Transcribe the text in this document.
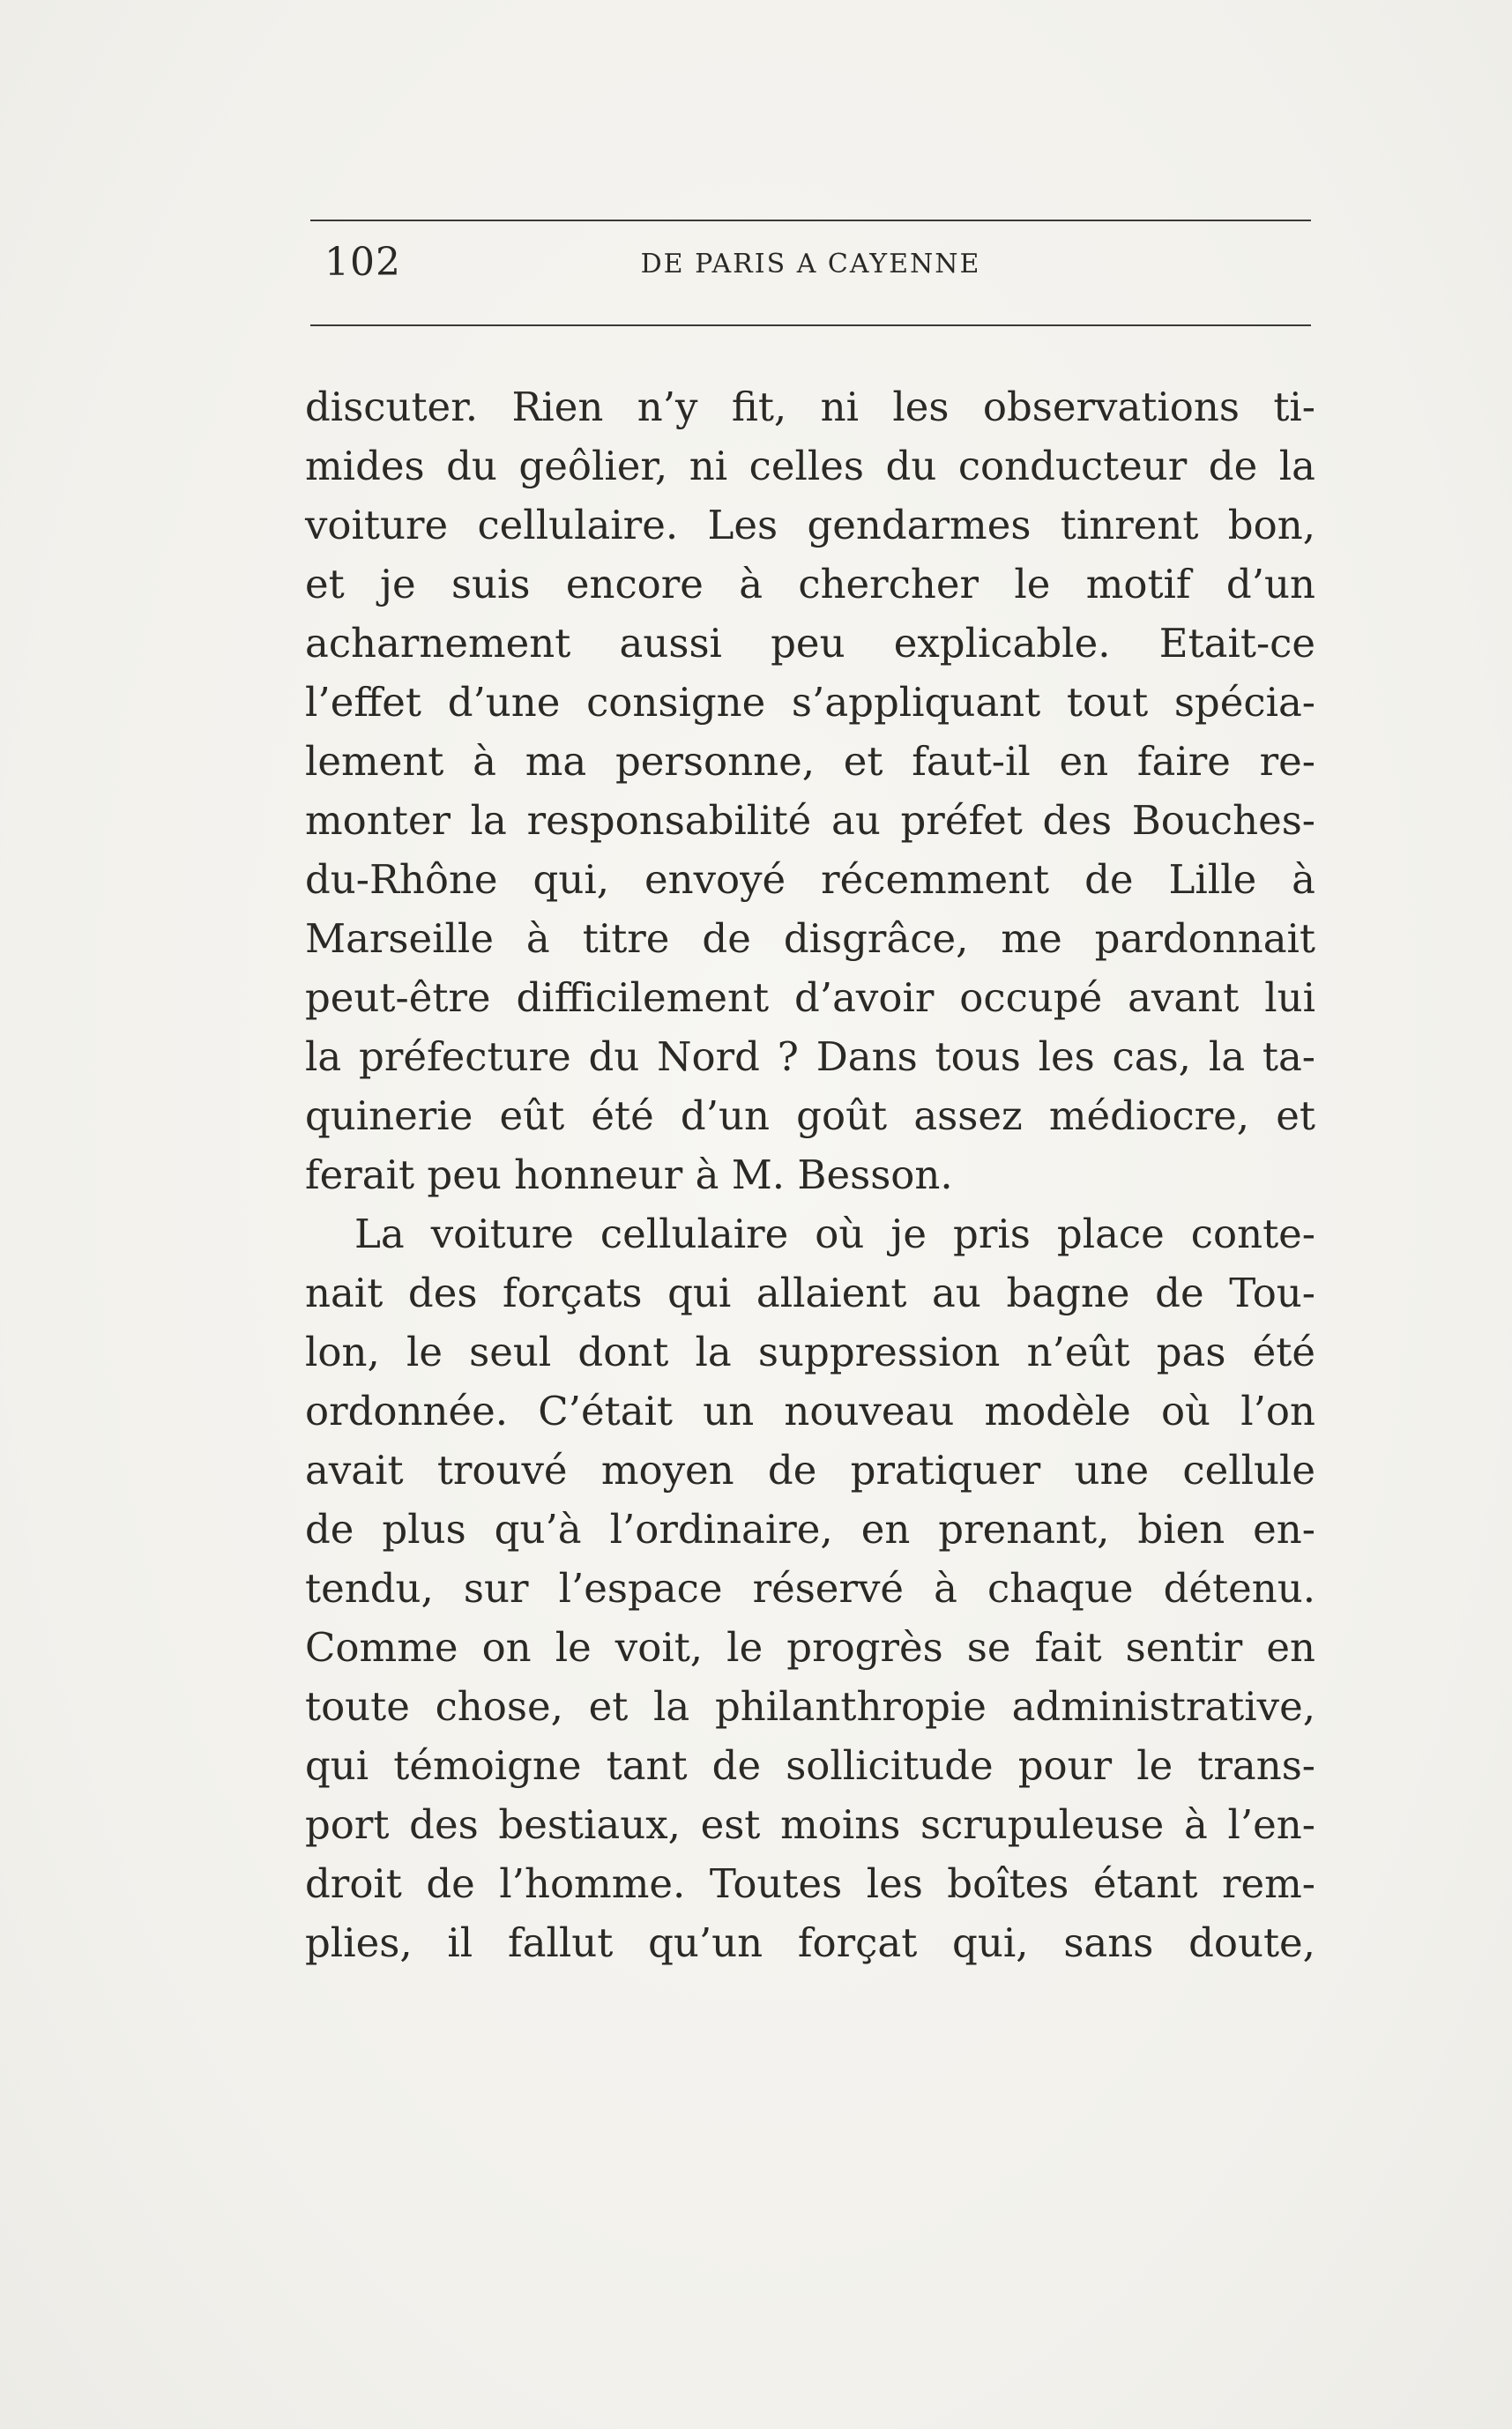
102	DE PARIS A CAYENNE
discuter. Rien n’y fit, ni les observations ti-
mides du geôlier, ni celles du conducteur de la
voiture cellulaire. Les gendarmes tinrent bon,
et je suis encore à chercher le motif d’un
acharnement aussi peu explicable. Etait-ce
l’effet d’une consigne s’appliquant tout spécia-
lement à ma personne, et faut-il en faire re-
monter la responsabilité au préfet des Bouches-
du-Rhône qui, envoyé récemment de Lille à
Marseille à titre de disgrâce, me pardonnait
peut-être difficilement d’avoir occupé avant lui
la préfecture du Nord ? Dans tous les cas, la ta-
quinerie eût été d’un goût assez médiocre, et
ferait peu honneur à M. Besson.
La voiture cellulaire où je pris place conte-
nait des forçats qui allaient au bagne de Tou-
lon, le seul dont la suppression n’eût pas été
ordonnée. C’était un nouveau modèle où l’on
avait trouvé moyen de pratiquer une cellule
de plus qu’à l’ordinaire, en prenant, bien en-
tendu, sur l’espace réservé à chaque détenu.
Comme on le voit, le progrès se fait sentir en
toute chose, et la philanthropie administrative,
qui témoigne tant de sollicitude pour le trans-
port des bestiaux, est moins scrupuleuse à l’en-
droit de l’homme. Toutes les boîtes étant rem-
plies, il fallut qu’un forçat qui, sans doute,
